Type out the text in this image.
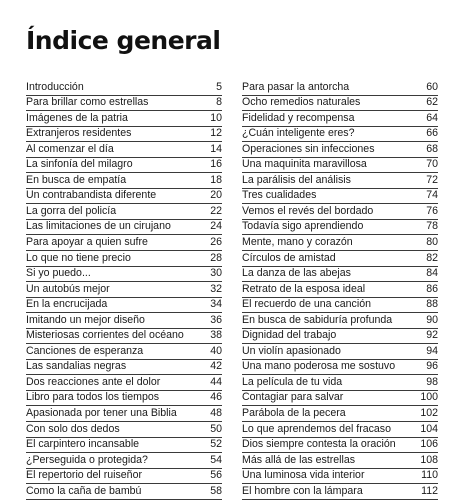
Índice general
Introducción	5
Para brillar como estrellas	8
Imágenes de la patria	10
Extranjeros residentes	12
Al comenzar el día	14
La sinfonía del milagro	16
En busca de empatía	18
Un contrabandista diferente	20
La gorra del policía	22
Las limitaciones de un cirujano	24
Para apoyar a quien sufre	26
Lo que no tiene precio	28
Si yo puedo...	30
Un autobús mejor	32
En la encrucijada	34
Imitando un mejor diseño	36
Misteriosas corrientes del océano	38
Canciones de esperanza	40
Las sandalias negras	42
Dos reacciones ante el dolor	44
Libro para todos los tiempos	46
Apasionada por tener una Biblia	48
Con solo dos dedos	50
El carpintero incansable	52
¿Perseguida o protegida?	54
El repertorio del ruiseñor	56
Como la caña de bambú	58
Para pasar la antorcha	60
Ocho remedios naturales	62
Fidelidad y recompensa	64
¿Cuán inteligente eres?	66
Operaciones sin infecciones	68
Una maquinita maravillosa	70
La parálisis del análisis	72
Tres cualidades	74
Vemos el revés del bordado	76
Todavía sigo aprendiendo	78
Mente, mano y corazón	80
Círculos de amistad	82
La danza de las abejas	84
Retrato de la esposa ideal	86
El recuerdo de una canción	88
En busca de sabiduría profunda	90
Dignidad del trabajo	92
Un violín apasionado	94
Una mano poderosa me sostuvo	96
La película de tu vida	98
Contagiar para salvar	100
Parábola de la pecera	102
Lo que aprendemos del fracaso	104
Dios siempre contesta la oración	106
Más allá de las estrellas	108
Una luminosa vida interior	110
El hombre con la lámpara	112
